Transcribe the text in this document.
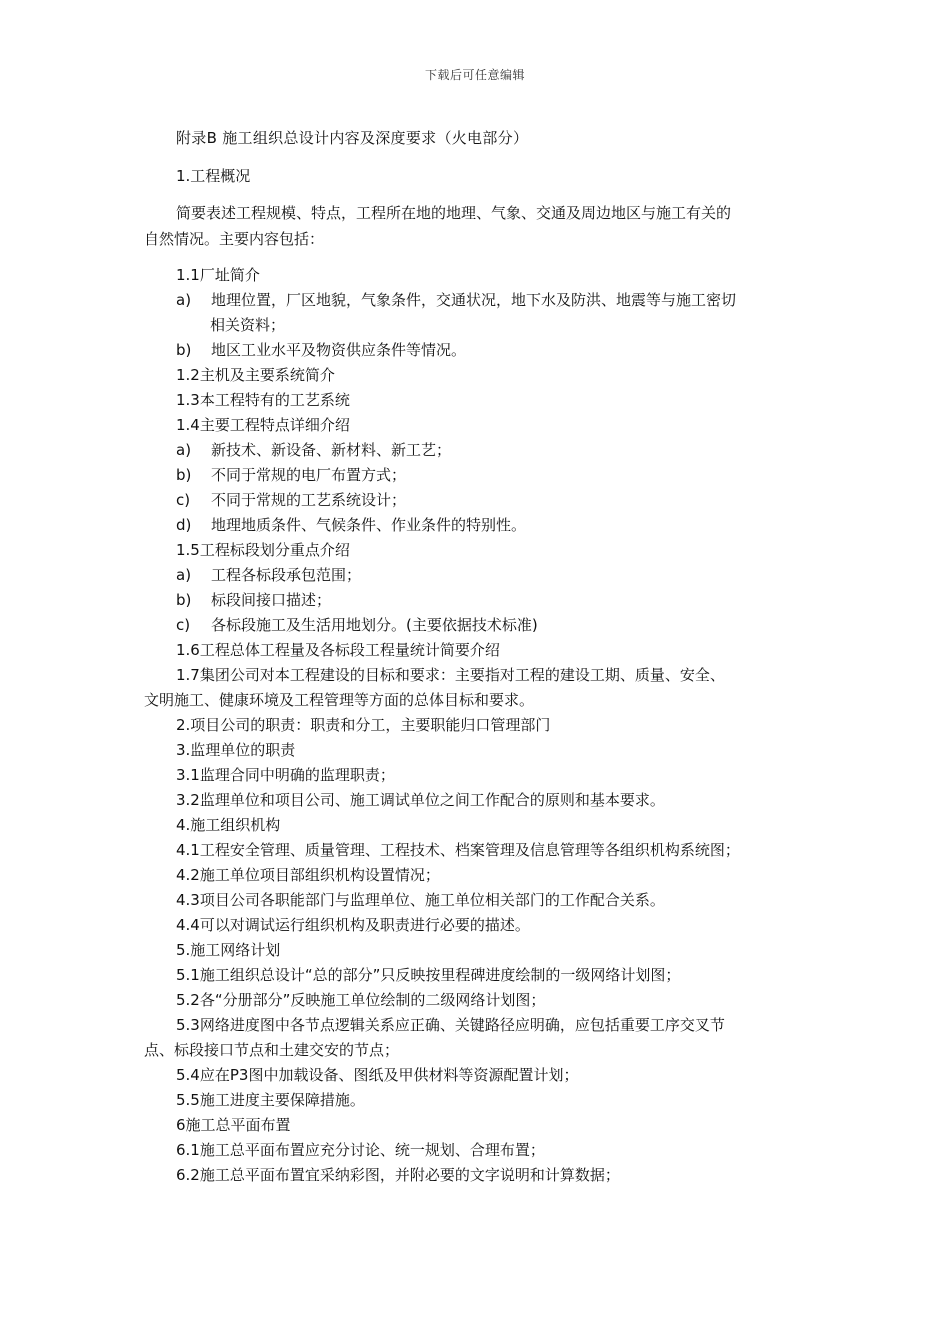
下载后可任意编辑
附录B 施工组织总设计内容及深度要求（火电部分）
1.工程概况
简要表述工程规模、特点，工程所在地的地理、气象、交通及周边地区与施工有关的
自然情况。主要内容包括：
1.1厂址简介
a) 地理位置，厂区地貌，气象条件，交通状况，地下水及防洪、地震等与施工密切
相关资料；
b) 地区工业水平及物资供应条件等情况。
1.2主机及主要系统简介
1.3本工程特有的工艺系统
1.4主要工程特点详细介绍
a) 新技术、新设备、新材料、新工艺；
b) 不同于常规的电厂布置方式；
c) 不同于常规的工艺系统设计；
d) 地理地质条件、气候条件、作业条件的特别性。
1.5工程标段划分重点介绍
a) 工程各标段承包范围；
b) 标段间接口描述；
c) 各标段施工及生活用地划分。(主要依据技术标准)
1.6工程总体工程量及各标段工程量统计简要介绍
1.7集团公司对本工程建设的目标和要求：主要指对工程的建设工期、质量、安全、
文明施工、健康环境及工程管理等方面的总体目标和要求。
2.项目公司的职责：职责和分工，主要职能归口管理部门
3.监理单位的职责
3.1监理合同中明确的监理职责；
3.2监理单位和项目公司、施工调试单位之间工作配合的原则和基本要求。
4.施工组织机构
4.1工程安全管理、质量管理、工程技术、档案管理及信息管理等各组织机构系统图；
4.2施工单位项目部组织机构设置情况；
4.3项目公司各职能部门与监理单位、施工单位相关部门的工作配合关系。
4.4可以对调试运行组织机构及职责进行必要的描述。
5.施工网络计划
5.1施工组织总设计“总的部分”只反映按里程碑进度绘制的一级网络计划图；
5.2各“分册部分”反映施工单位绘制的二级网络计划图；
5.3网络进度图中各节点逻辑关系应正确、关键路径应明确，应包括重要工序交叉节
点、标段接口节点和土建交安的节点；
5.4应在P3图中加载设备、图纸及甲供材料等资源配置计划；
5.5施工进度主要保障措施。
6施工总平面布置
6.1施工总平面布置应充分讨论、统一规划、合理布置；
6.2施工总平面布置宜采纳彩图，并附必要的文字说明和计算数据；
